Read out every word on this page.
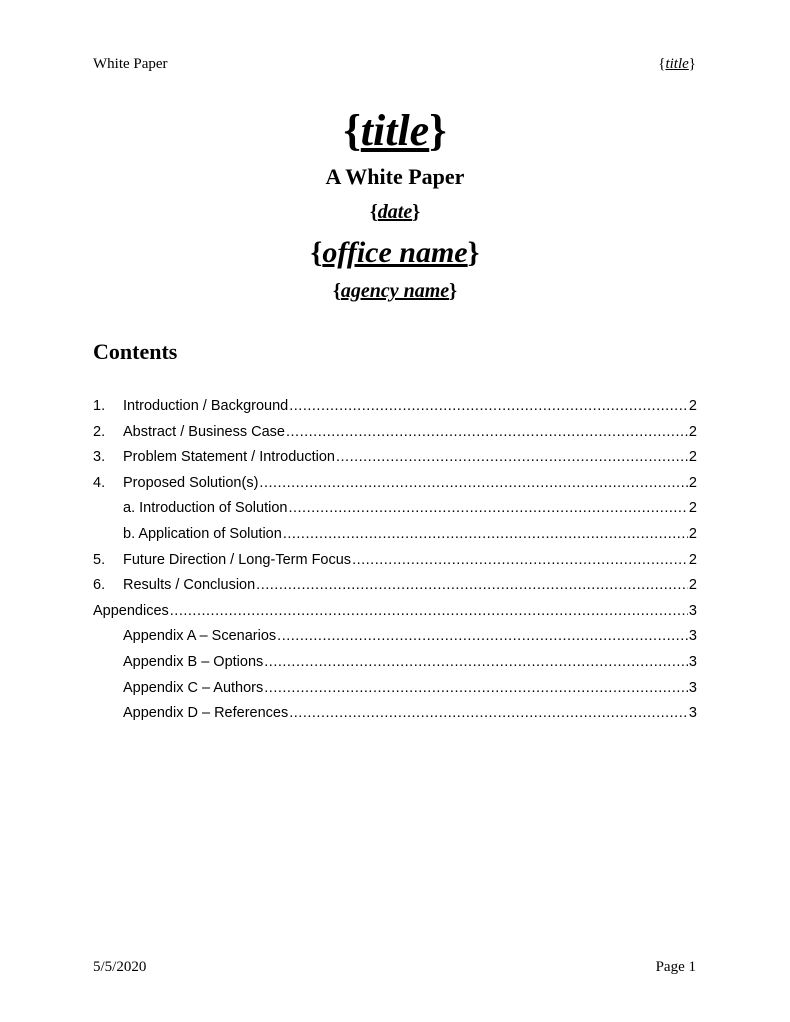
White Paper	{title}
{title}
A White Paper
{date}
{office name}
{agency name}
Contents
1.	Introduction / Background .....	2
2.	Abstract / Business Case .....	2
3.	Problem Statement / Introduction .....	2
4.	Proposed Solution(s) .....	2
a. Introduction of Solution .....	2
b. Application of Solution .....	2
5.	Future Direction / Long-Term Focus .....	2
6.	Results / Conclusion .....	2
Appendices .....	3
Appendix A – Scenarios .....	3
Appendix B – Options .....	3
Appendix C – Authors .....	3
Appendix D – References .....	3
5/5/2020	Page 1
